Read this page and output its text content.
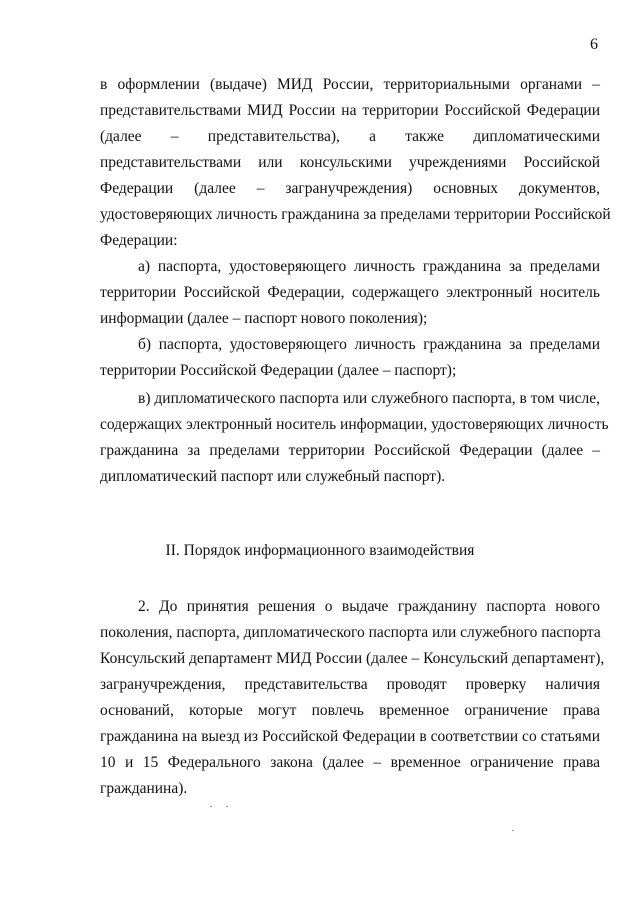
6
в оформлении (выдаче) МИД России, территориальными органами –
представительствами МИД России на территории Российской Федерации
(далее – представительства), а также дипломатическими
представительствами или консульскими учреждениями Российской
Федерации (далее – загранучреждения) основных документов,
удостоверяющих личность гражданина за пределами территории Российской
Федерации:
а) паспорта, удостоверяющего личность гражданина за пределами
территории Российской Федерации, содержащего электронный носитель
информации (далее – паспорт нового поколения);
б) паспорта, удостоверяющего личность гражданина за пределами
территории Российской Федерации (далее – паспорт);
в) дипломатического паспорта или служебного паспорта, в том числе,
содержащих электронный носитель информации, удостоверяющих личность
гражданина за пределами территории Российской Федерации (далее –
дипломатический паспорт или служебный паспорт).
II. Порядок информационного взаимодействия
2. До принятия решения о выдаче гражданину паспорта нового
поколения, паспорта, дипломатического паспорта или служебного паспорта
Консульский департамент МИД России (далее – Консульский департамент),
загранучреждения, представительства проводят проверку наличия
оснований, которые могут повлечь временное ограничение права
гражданина на выезд из Российской Федерации в соответствии со статьями
10 и 15 Федерального закона (далее – временное ограничение права
гражданина).
